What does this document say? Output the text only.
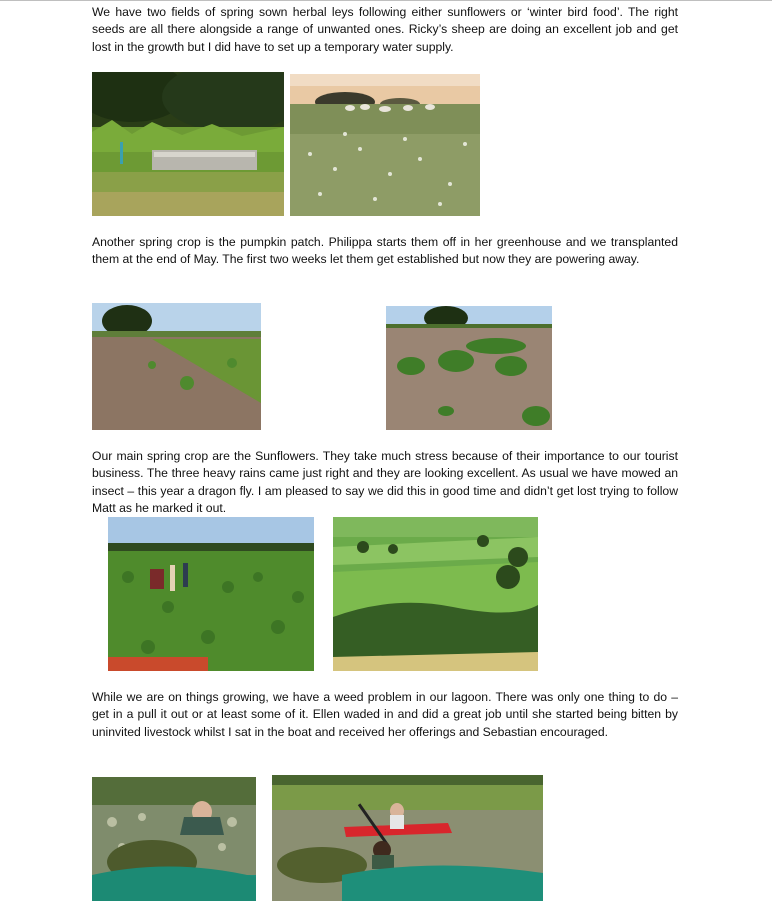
We have two fields of spring sown herbal leys following either sunflowers or ‘winter bird food’. The right seeds are all there alongside a range of unwanted ones. Ricky’s sheep are doing an excellent job and get lost in the growth but I did have to set up a temporary water supply.

Another spring crop is the pumpkin patch. Philippa starts them off in her greenhouse and we transplanted them at the end of May. The first two weeks let them get established but now they are powering away.

Our main spring crop are the Sunflowers. They take much stress because of their importance to our tourist business. The three heavy rains came just right and they are looking excellent. As usual we have mowed an insect – this year a dragon fly. I am pleased to say we did this in good time and didn’t get lost trying to follow Matt as he marked it out.

While we are on things growing, we have a weed problem in our lagoon. There was only one thing to do – get in a pull it out or at least some of it. Ellen waded in and did a great job until she started being bitten by uninvited livestock whilst I sat in the boat and received her offerings and Sebastian encouraged.
